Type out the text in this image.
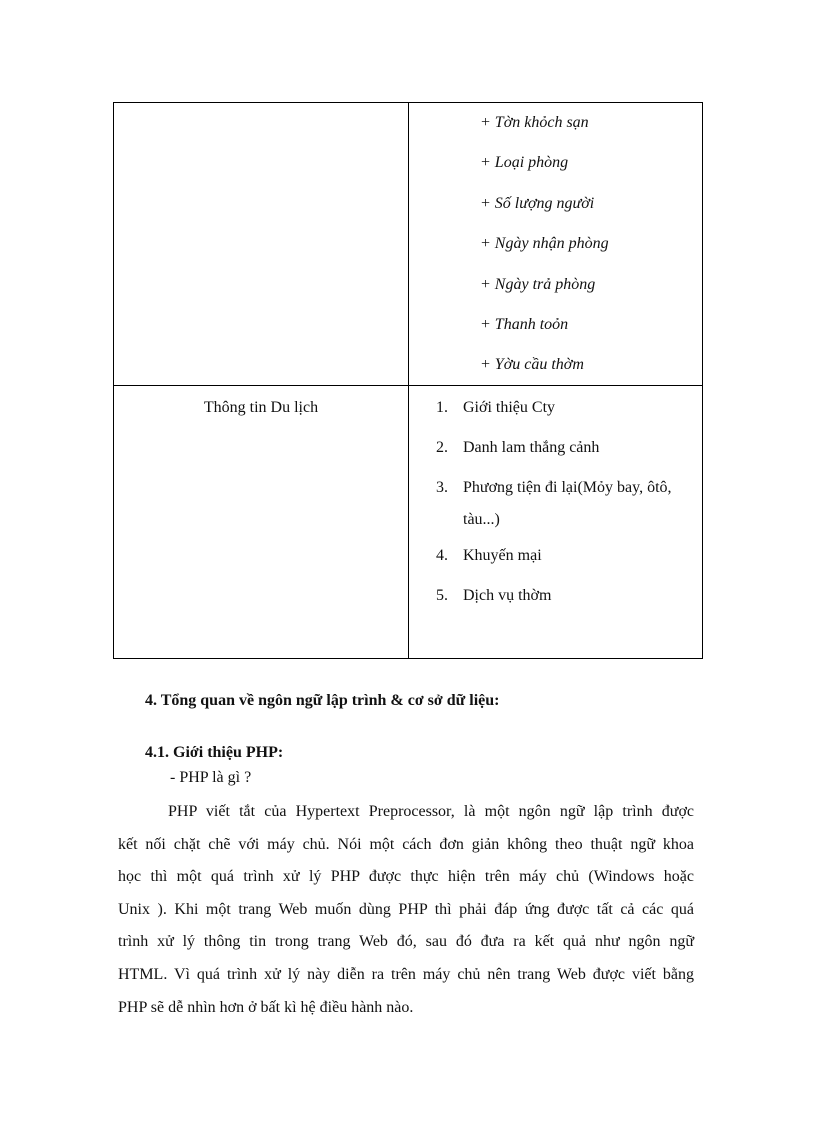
+ Tờn khỏch sạn
+ Loại phòng
+ Số lượng người
+ Ngày nhận phòng
+ Ngày trả phòng
+ Thanh toỏn
+ Yờu cầu thờm
Thông tin Du lịch	1. Giới thiệu Cty
2. Danh lam thắng cảnh
3. Phương tiện đi lại(Mỏy bay, ôtô,
tàu...)
4. Khuyến mại
5. Dịch vụ thờm
4. Tổng quan về ngôn ngữ lập trình & cơ sở dữ liệu:
4.1. Giới thiệu PHP:
- PHP là gì ?
PHP viết tắt của Hypertext Preprocessor, là một ngôn ngữ lập trình được
kết nối chặt chẽ với máy chủ. Nói một cách đơn giản không theo thuật ngữ khoa
học thì một quá trình xử lý PHP được thực hiện trên máy chủ (Windows hoặc
Unix ). Khi một trang Web muốn dùng PHP thì phải đáp ứng được tất cả các quá
trình xử lý thông tin trong trang Web đó, sau đó đưa ra kết quả như ngôn ngữ
HTML. Vì quá trình xử lý này diễn ra trên máy chủ nên trang Web được viết bằng
PHP sẽ dễ nhìn hơn ở bất kì hệ điều hành nào.
